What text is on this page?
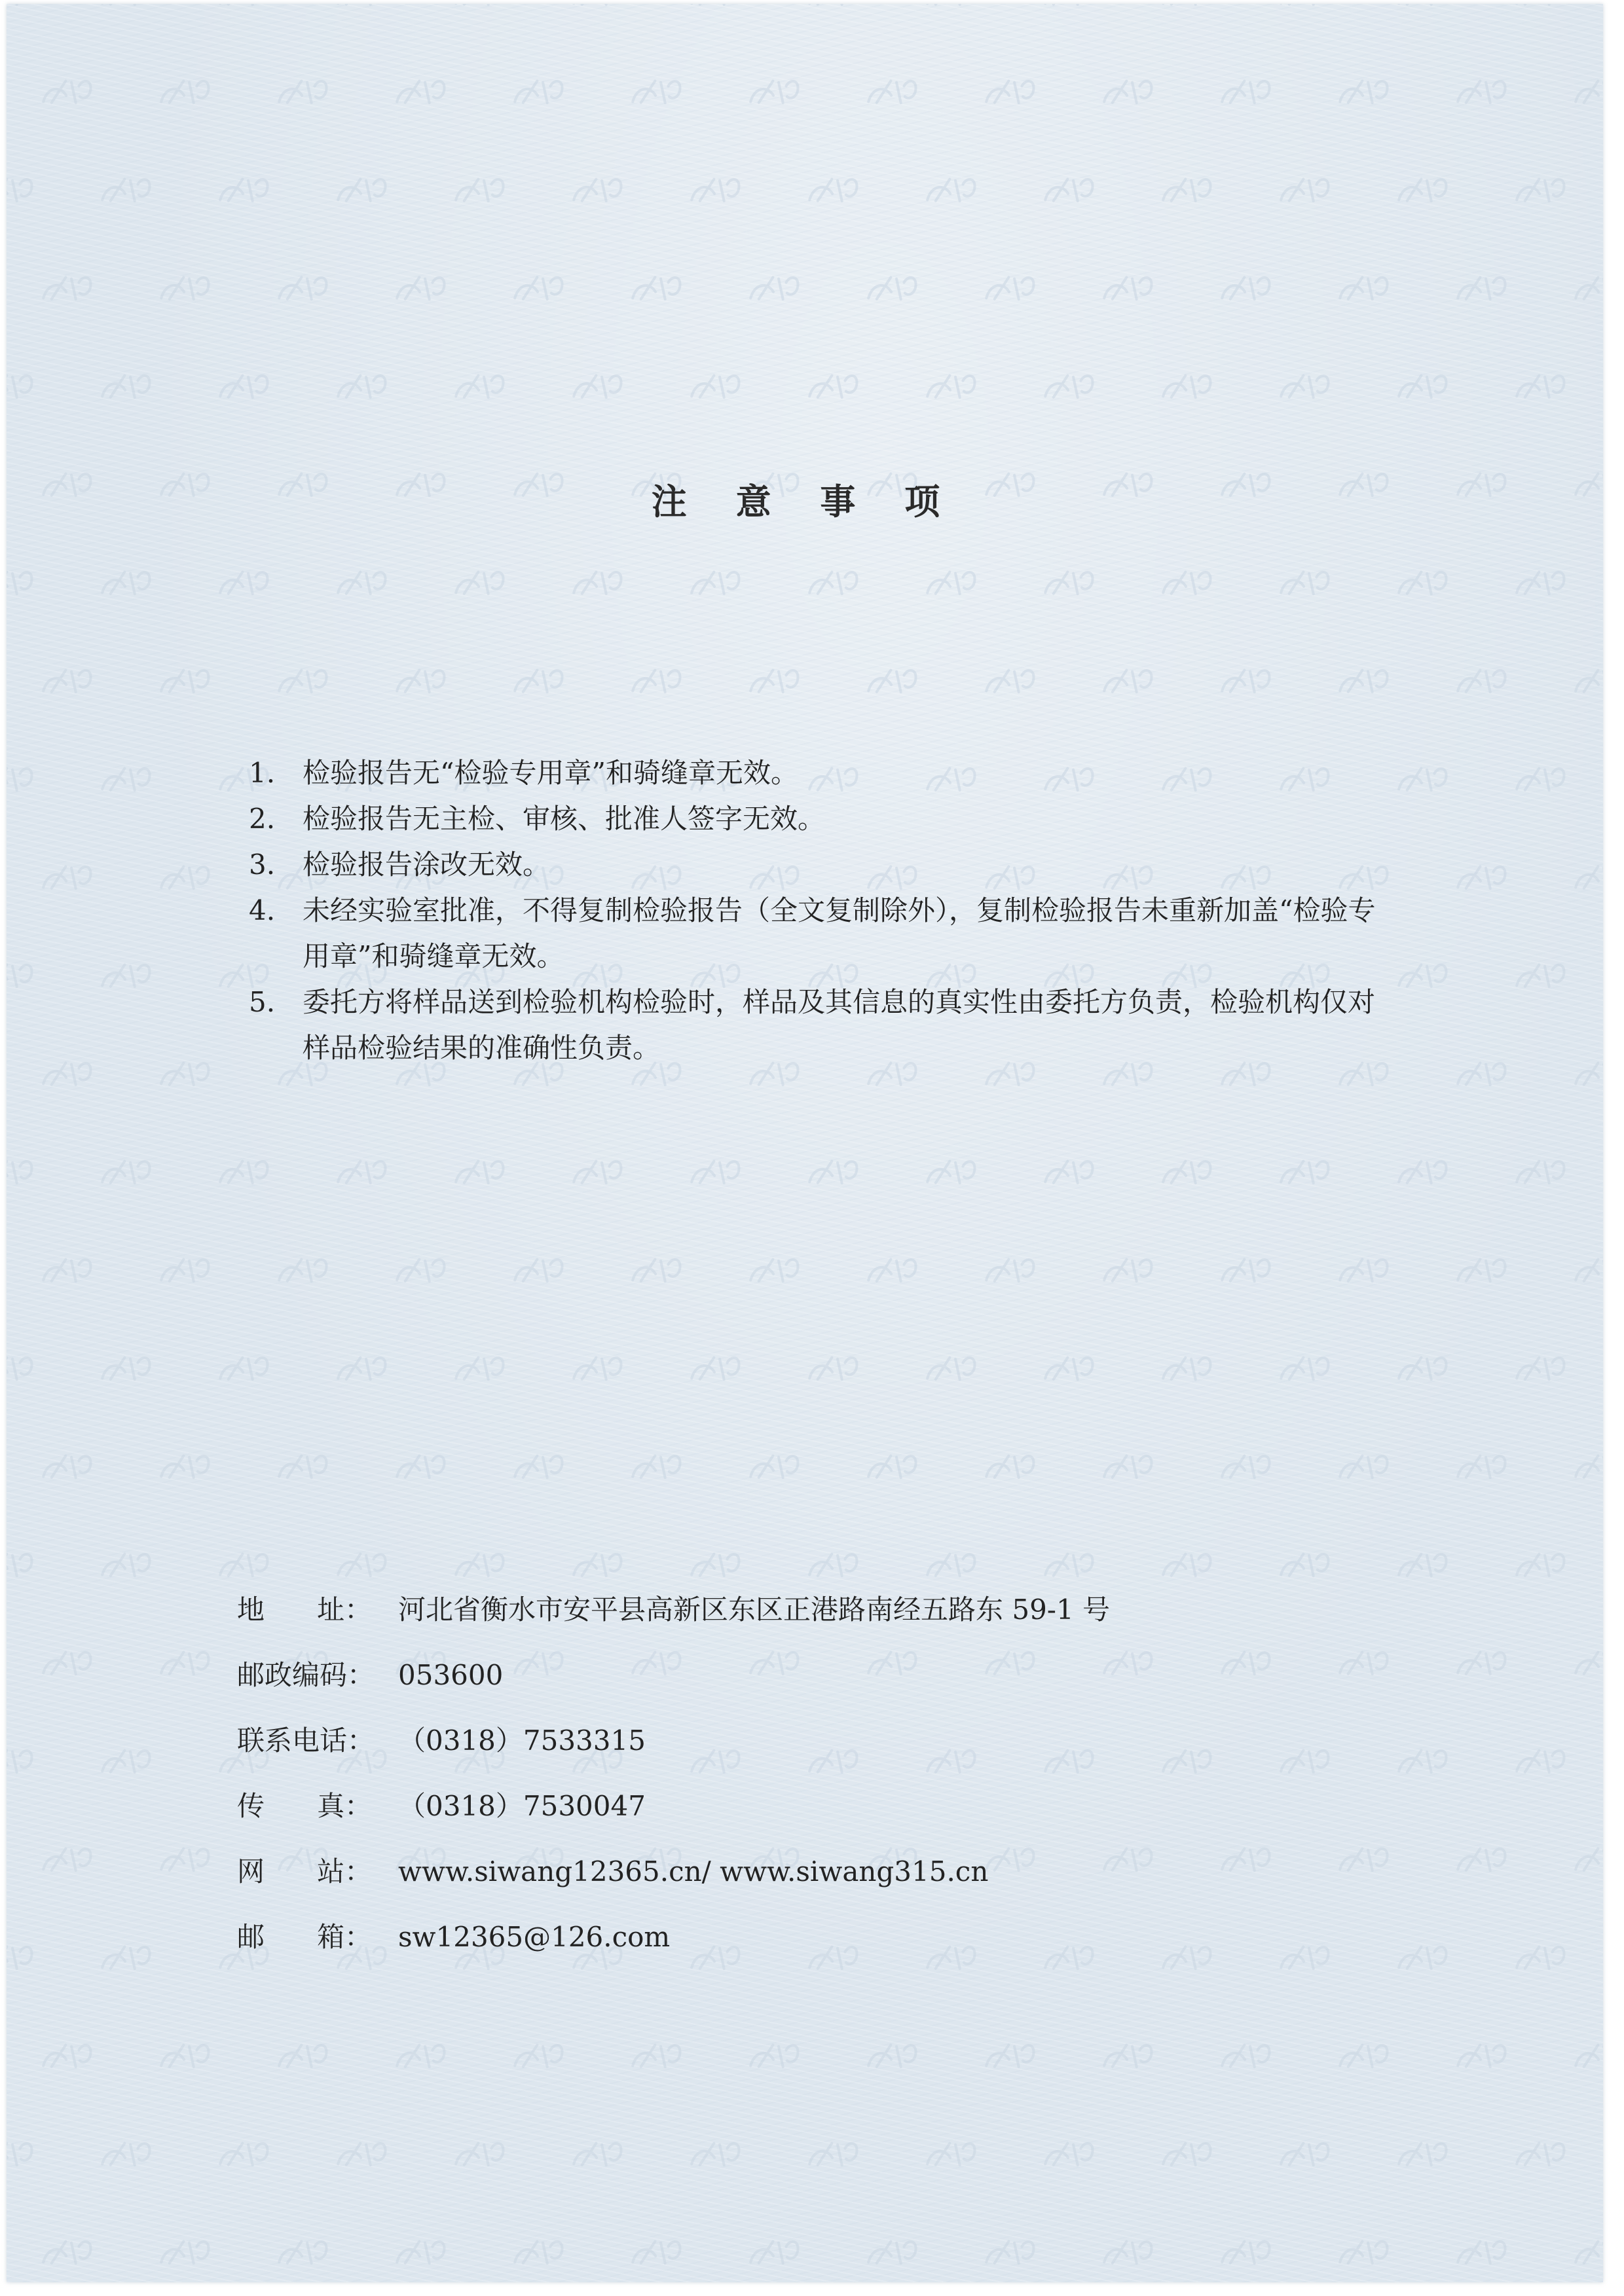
注 意 事 项
1. 检验报告无“检验专用章”和骑缝章无效。
2. 检验报告无主检、审核、批准人签字无效。
3. 检验报告涂改无效。
4. 未经实验室批准，不得复制检验报告（全文复制除外），复制检验报告未重新加盖“检验专用章”和骑缝章无效。
5. 委托方将样品送到检验机构检验时，样品及其信息的真实性由委托方负责，检验机构仅对样品检验结果的准确性负责。
地      址： 河北省衡水市安平县高新区东区正港路南经五路东 59-1 号
邮政编码： 053600
联系电话： （0318）7533315
传      真： （0318）7530047
网      站： www.siwang12365.cn/ www.siwang315.cn
邮      箱： sw12365@126.com
